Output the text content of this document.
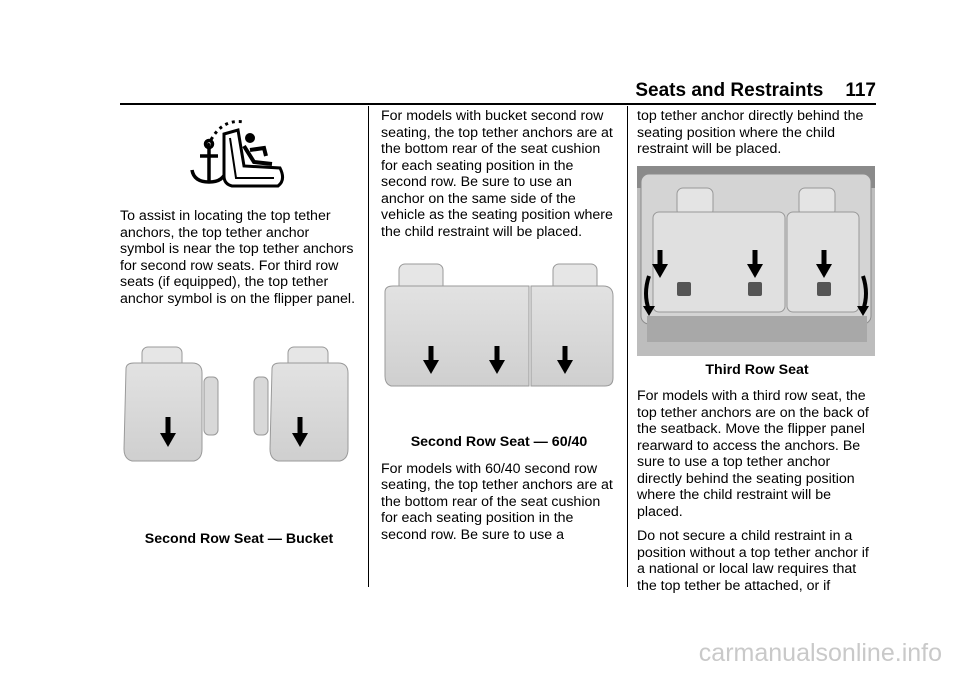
Seats and Restraints 117

To assist in locating the top tether anchors, the top tether anchor symbol is near the top tether anchors for second row seats. For third row seats (if equipped), the top tether anchor symbol is on the flipper panel.

Second Row Seat — Bucket

For models with bucket second row seating, the top tether anchors are at the bottom rear of the seat cushion for each seating position in the second row. Be sure to use an anchor on the same side of the vehicle as the seating position where the child restraint will be placed.

Second Row Seat — 60/40

For models with 60/40 second row seating, the top tether anchors are at the bottom rear of the seat cushion for each seating position in the second row. Be sure to use a

top tether anchor directly behind the seating position where the child restraint will be placed.

Third Row Seat

For models with a third row seat, the top tether anchors are on the back of the seatback. Move the flipper panel rearward to access the anchors. Be sure to use a top tether anchor directly behind the seating position where the child restraint will be placed.

Do not secure a child restraint in a position without a top tether anchor if a national or local law requires that the top tether be attached, or if

carmanualsonline.info
